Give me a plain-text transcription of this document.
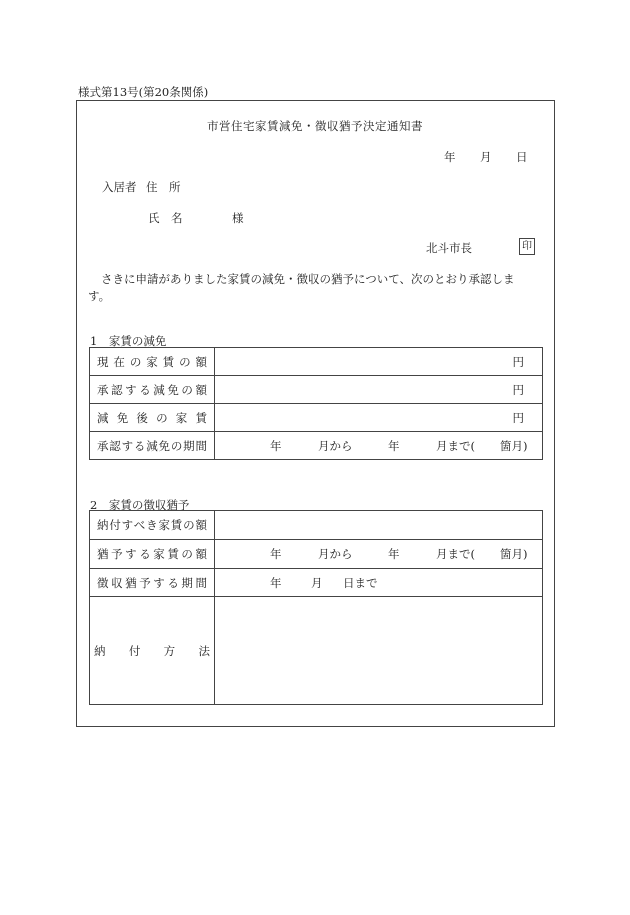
様式第13号(第20条関係)
市営住宅家賃減免・徴収猶予決定通知書
年 月 日
入居者 住　所
氏　名	様
北斗市長	印
さきに申請がありました家賃の減免・徴収の猶予について、次のとおり承認しま
す。
1　家賃の減免
現在の家賃の額	円

承認する減免の額	円

減免後の家賃	円

承認する減免の期間	年 月から 年 月まで( 箇月)
2　家賃の徴収猶予
納付すべき家賃の額	
猶予する家賃の額	年 月から 年 月まで( 箇月)

徴収猶予する期間	年 月 日まで

納付方法	
